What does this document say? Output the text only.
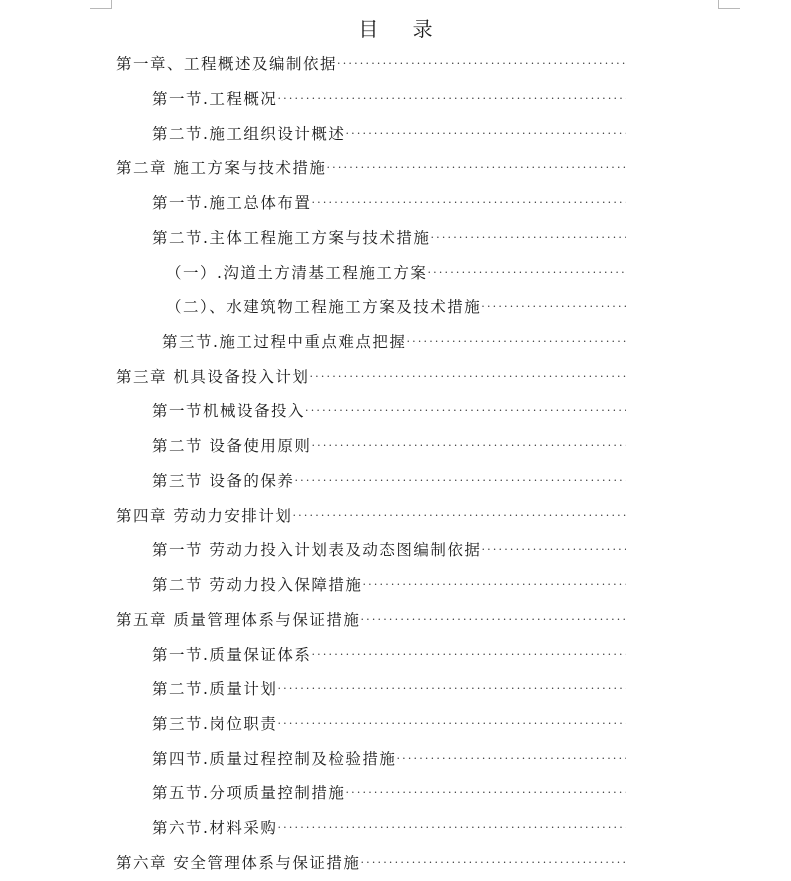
目 录
第一章、工程概述及编制依据
·····
第一节.工程概况
·····
第二节.施工组织设计概述
·····
第二章 施工方案与技术措施
·····
第一节.施工总体布置
·····
第二节.主体工程施工方案与技术措施
·····
（一）.沟道土方清基工程施工方案
·····
（二）、水建筑物工程施工方案及技术措施
·····
第三节.施工过程中重点难点把握
·····
第三章 机具设备投入计划
·····
第一节机械设备投入
·····
第二节 设备使用原则
·····
第三节 设备的保养
·····
第四章 劳动力安排计划
·····
第一节 劳动力投入计划表及动态图编制依据
·····
第二节 劳动力投入保障措施
·····
第五章 质量管理体系与保证措施
·····
第一节.质量保证体系
·····
第二节.质量计划
·····
第三节.岗位职责
·····
第四节.质量过程控制及检验措施
·····
第五节.分项质量控制措施
·····
第六节.材料采购
·····
第六章 安全管理体系与保证措施
·····
